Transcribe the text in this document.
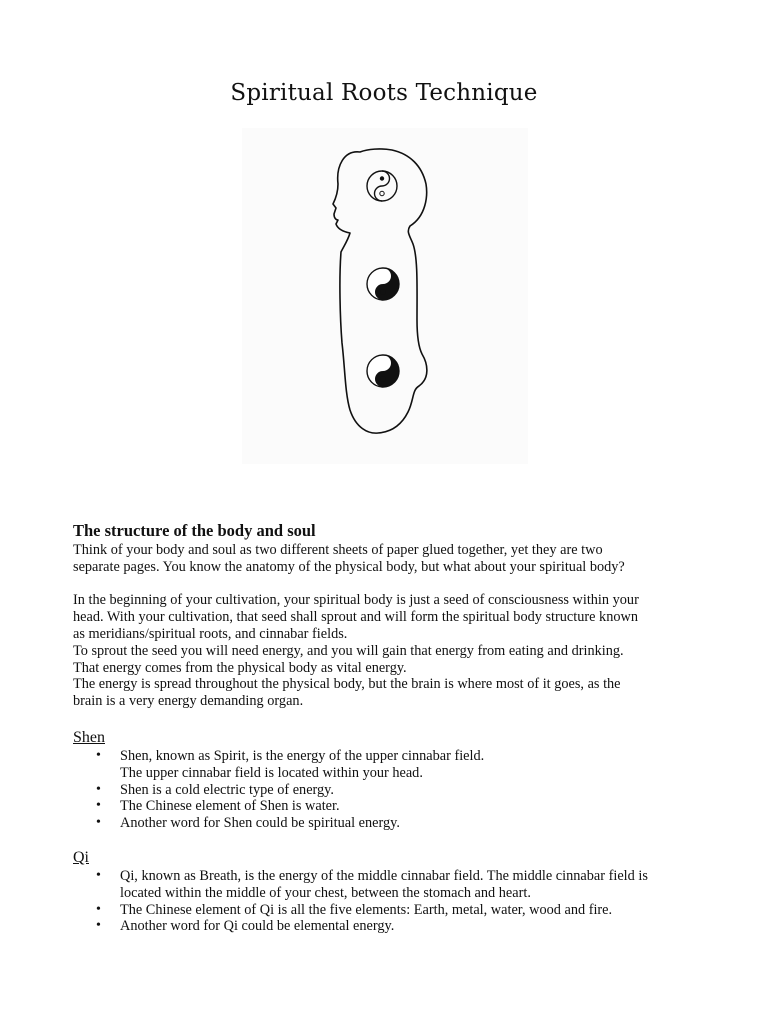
Spiritual Roots Technique
The structure of the body and soul

Think of your body and soul as two different sheets of paper glued together, yet they are two
separate pages. You know the anatomy of the physical body, but what about your spiritual body?

In the beginning of your cultivation, your spiritual body is just a seed of consciousness within your
head. With your cultivation, that seed shall sprout and will form the spiritual body structure known
as meridians/spiritual roots, and cinnabar fields.
To sprout the seed you will need energy, and you will gain that energy from eating and drinking.
That energy comes from the physical body as vital energy.
The energy is spread throughout the physical body, but the brain is where most of it goes, as the
brain is a very energy demanding organ.

Shen
• Shen, known as Spirit, is the energy of the upper cinnabar field.
The upper cinnabar field is located within your head.
• Shen is a cold electric type of energy.
• The Chinese element of Shen is water.
• Another word for Shen could be spiritual energy.
Qi
• Qi, known as Breath, is the energy of the middle cinnabar field. The middle cinnabar field is
located within the middle of your chest, between the stomach and heart.
• The Chinese element of Qi is all the five elements: Earth, metal, water, wood and fire.
• Another word for Qi could be elemental energy.
